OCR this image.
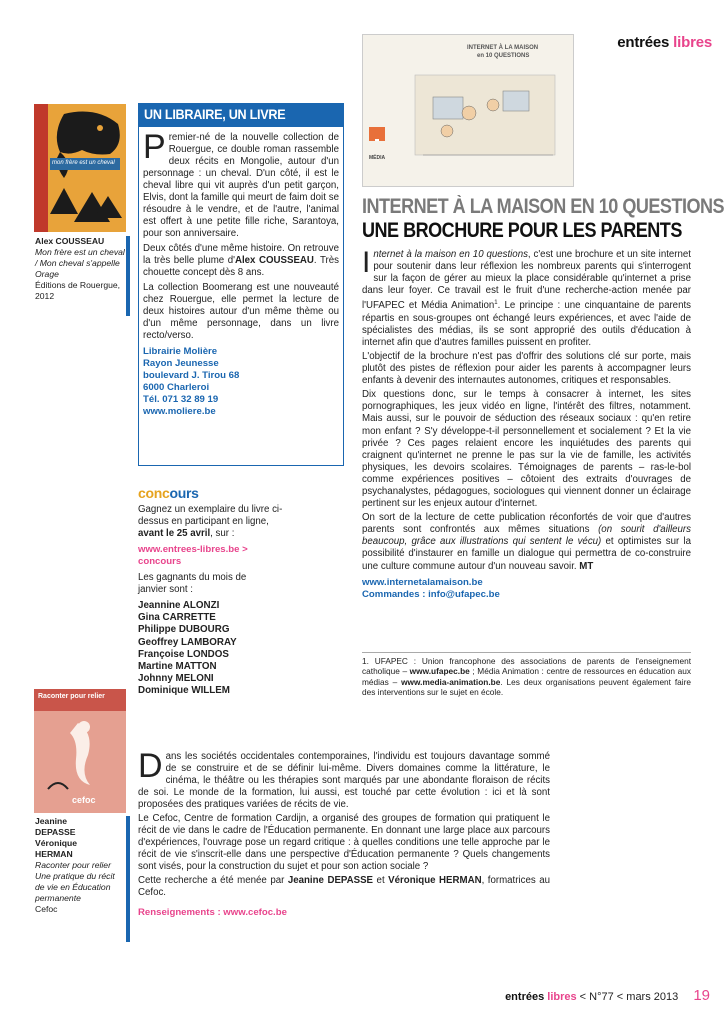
entrées libres
mon frère est un cheval
Alex COUSSEAU
Mon frère est un cheval / Mon cheval s'appelle Orage
Éditions de Rouergue, 2012
UN LIBRAIRE, UN LIVRE

Premier-né de la nouvelle collection de Rouergue, ce double roman rassemble deux récits en Mongolie, autour d'un personnage : un cheval. D'un côté, il est le cheval libre qui vit auprès d'un petit garçon, Elvis, dont la famille qui meurt de faim doit se résoudre à le vendre, et de l'autre, l'animal est offert à une petite fille riche, Sarantoya, pour son anniversaire.

Deux côtés d'une même histoire. On retrouve la très belle plume d'Alex COUSSEAU. Très chouette concept dès 8 ans.

La collection Boomerang est une nouveauté chez Rouergue, elle permet la lecture de deux histoires autour d'un même thème ou d'un même personnage, dans un livre recto/verso.

Librairie Molière
Rayon Jeunesse
boulevard J. Tirou 68
6000 Charleroi
Tél. 071 32 89 19
www.moliere.be
concours

Gagnez un exemplaire du livre ci-dessus en participant en ligne, avant le 25 avril, sur :

www.entrees-libres.be >
concours

Les gagnants du mois de janvier sont :

Jeannine ALONZI
Gina CARRETTE
Philippe DUBOURG
Geoffrey LAMBORAY
Françoise LONDOS
Martine MATTON
Johnny MELONI
Dominique WILLEM
INTERNET À LA MAISON
en 10 QUESTIONS
MÉDIA
INTERNET À LA MAISON EN 10 QUESTIONS
UNE BROCHURE POUR LES PARENTS

Internet à la maison en 10 questions, c'est une brochure et un site internet pour soutenir dans leur réflexion les nombreux parents qui s'interrogent sur la façon de gérer au mieux la place considérable qu'internet a prise dans leur foyer. Ce travail est le fruit d'une recherche-action menée par l'UFAPEC et Média Animation$^1$. Le principe : une cinquantaine de parents répartis en sous-groupes ont échangé leurs expériences, et avec l'aide de spécialistes des médias, ils se sont approprié des outils d'éducation à internet afin que d'autres familles puissent en profiter.

L'objectif de la brochure n'est pas d'offrir des solutions clé sur porte, mais plutôt des pistes de réflexion pour aider les parents à accompagner leurs enfants à devenir des internautes autonomes, critiques et responsables.

Dix questions donc, sur le temps à consacrer à internet, les sites pornographiques, les jeux vidéo en ligne, l'intérêt des filtres, notamment. Mais aussi, sur le pouvoir de séduction des réseaux sociaux : qu'en retire mon enfant ? S'y développe-t-il personnellement et socialement ? Et la vie privée ? Ces pages relaient encore les inquiétudes des parents qui craignent qu'internet ne prenne le pas sur la vie de famille, les activités physiques, les devoirs scolaires. Témoignages de parents – ras-le-bol comme expériences positives – côtoient des extraits d'ouvrages de psychanalystes, pédagogues, sociologues qui viennent donner un éclairage pertinent sur les enjeux autour d'internet.

On sort de la lecture de cette publication réconfortés de voir que d'autres parents sont confrontés aux mêmes situations (on sourit d'ailleurs beaucoup, grâce aux illustrations qui sentent le vécu) et optimistes sur la possibilité d'instaurer en famille un dialogue qui permettra de co-construire une culture commune autour d'un nouveau savoir. MT

www.internetalamaison.be
Commandes : info@ufapec.be
1. UFAPEC : Union francophone des associations de parents de l'enseignement catholique – www.ufapec.be ; Média Animation : centre de ressources en éducation aux médias – www.media-animation.be. Les deux organisations peuvent également faire des interventions sur le sujet en école.
Raconter pour relier
cefoc
Jeanine
DEPASSE
Véronique
HERMAN
Raconter pour relier
Une pratique du récit de vie en Éducation permanente
Cefoc

Dans les sociétés occidentales contemporaines, l'individu est toujours davantage sommé de se construire et de se définir lui-même. Divers domaines comme la littérature, le cinéma, le théâtre ou les thérapies sont marqués par une abondante floraison de récits de soi. Le monde de la formation, lui aussi, est touché par cette évolution : ici et là sont proposées des pratiques variées de récits de vie.

Le Cefoc, Centre de formation Cardijn, a organisé des groupes de formation qui pratiquent le récit de vie dans le cadre de l'Éducation permanente. En donnant une large place aux parcours d'expériences, l'ouvrage pose un regard critique : à quelles conditions une telle approche par le récit de vie s'inscrit-elle dans une perspective d'Éducation permanente ? Quels changements sont visés, pour la construction du sujet et pour son action sociale ?

Cette recherche a été menée par Jeanine DEPASSE et Véronique HERMAN, formatrices au Cefoc.

Renseignements : www.cefoc.be
entrées libres < N°77 < mars 2013 19
